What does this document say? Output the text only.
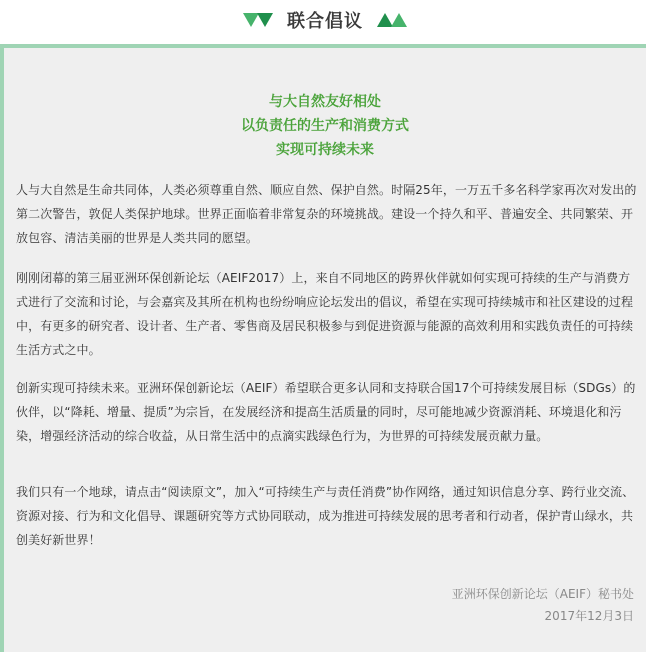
联合倡议
与大自然友好相处
以负责任的生产和消费方式
实现可持续未来
人与大自然是生命共同体，人类必须尊重自然、顺应自然、保护自然。时隔25年，一万五千多名科学家再次对发出的第二次警告，敦促人类保护地球。世界正面临着非常复杂的环境挑战。建设一个持久和平、普遍安全、共同繁荣、开放包容、清洁美丽的世界是人类共同的愿望。
刚刚闭幕的第三届亚洲环保创新论坛（AEIF2017）上，来自不同地区的跨界伙伴就如何实现可持续的生产与消费方式进行了交流和讨论，与会嘉宾及其所在机构也纷纷响应论坛发出的倡议，希望在实现可持续城市和社区建设的过程中，有更多的研究者、设计者、生产者、零售商及居民积极参与到促进资源与能源的高效利用和实践负责任的可持续生活方式之中。
创新实现可持续未来。亚洲环保创新论坛（AEIF）希望联合更多认同和支持联合国17个可持续发展目标（SDGs）的伙伴，以“降耗、增量、提质”为宗旨，在发展经济和提高生活质量的同时，尽可能地减少资源消耗、环境退化和污染，增强经济活动的综合收益，从日常生活中的点滴实践绿色行为，为世界的可持续发展贡献力量。
我们只有一个地球，请点击“阅读原文”，加入“可持续生产与责任消费”协作网络，通过知识信息分享、跨行业交流、资源对接、行为和文化倡导、课题研究等方式协同联动，成为推进可持续发展的思考者和行动者，保护青山绿水，共创美好新世界！
亚洲环保创新论坛（AEIF）秘书处
2017年12月3日
